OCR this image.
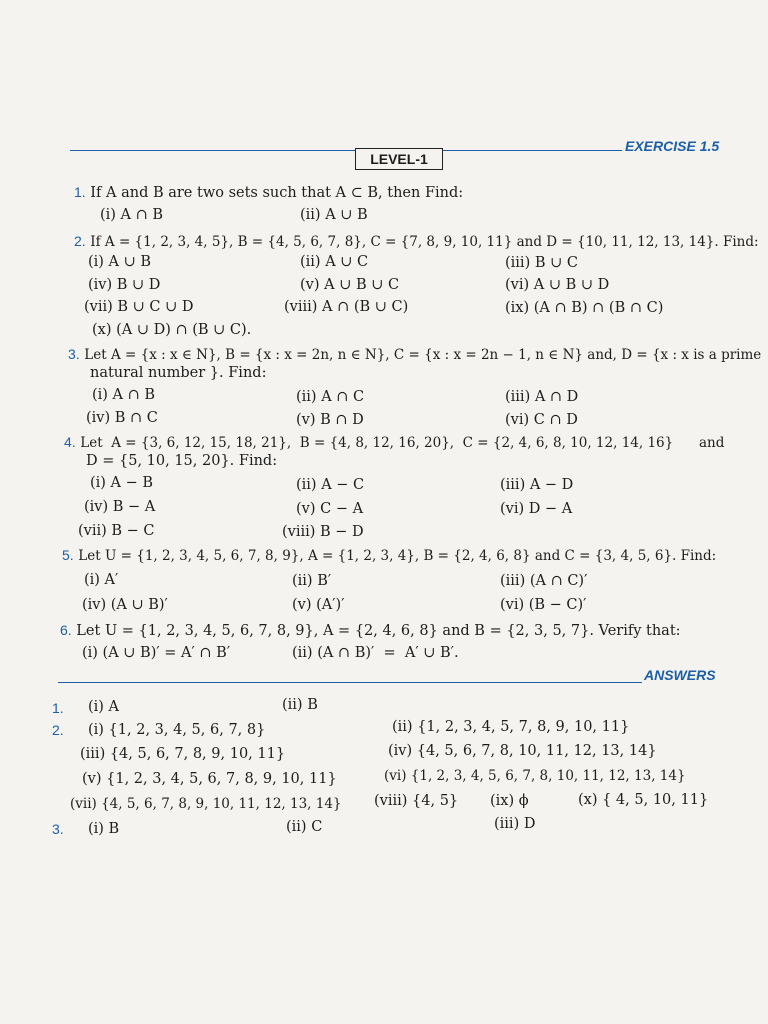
EXERCISE 1.5
LEVEL-1
1. If A and B are two sets such that A ⊂ B, then Find:
(i) A ∩ B	(ii) A ∪ B
2. If A = {1, 2, 3, 4, 5}, B = {4, 5, 6, 7, 8}, C = {7, 8, 9, 10, 11} and D = {10, 11, 12, 13, 14}. Find:
(i) A ∪ B	(ii) A ∪ C	(iii) B ∪ C
(iv) B ∪ D	(v) A ∪ B ∪ C	(vi) A ∪ B ∪ D
(vii) B ∪ C ∪ D	(viii) A ∩ (B ∪ C)	(ix) (A ∩ B) ∩ (B ∩ C)
(x) (A ∪ D) ∩ (B ∪ C).
3. Let A = {x : x ∈ N}, B = {x : x = 2n, n ∈ N}, C = {x : x = 2n − 1, n ∈ N} and, D = {x : x is a prime
natural number }. Find:
(i) A ∩ B	(ii) A ∩ C	(iii) A ∩ D
(iv) B ∩ C	(v) B ∩ D	(vi) C ∩ D
4. Let  A = {3, 6, 12, 15, 18, 21},  B = {4, 8, 12, 16, 20},  C = {2, 4, 6, 8, 10, 12, 14, 16}      and
D = {5, 10, 15, 20}. Find:
(i) A − B	(ii) A − C	(iii) A − D
(iv) B − A	(v) C − A	(vi) D − A
(vii) B − C	(viii) B − D
5. Let U = {1, 2, 3, 4, 5, 6, 7, 8, 9}, A = {1, 2, 3, 4}, B = {2, 4, 6, 8} and C = {3, 4, 5, 6}. Find:
(i) A′	(ii) B′	(iii) (A ∩ C)′
(iv) (A ∪ B)′	(v) (A′)′	(vi) (B − C)′
6. Let U = {1, 2, 3, 4, 5, 6, 7, 8, 9}, A = {2, 4, 6, 8} and B = {2, 3, 5, 7}. Verify that:
(i) (A ∪ B)′ = A′ ∩ B′	(ii) (A ∩ B)′  =  A′ ∪ B′.
ANSWERS
1. (i) A	(ii) B
2. (i) {1, 2, 3, 4, 5, 6, 7, 8}	(ii) {1, 2, 3, 4, 5, 7, 8, 9, 10, 11}
(iii) {4, 5, 6, 7, 8, 9, 10, 11}	(iv) {4, 5, 6, 7, 8, 10, 11, 12, 13, 14}
(v) {1, 2, 3, 4, 5, 6, 7, 8, 9, 10, 11}	(vi) {1, 2, 3, 4, 5, 6, 7, 8, 10, 11, 12, 13, 14}
(vii) {4, 5, 6, 7, 8, 9, 10, 11, 12, 13, 14} (viii) {4, 5} (ix) ϕ	(x) { 4, 5, 10, 11}
3. (i) B	(ii) C	(iii) D
